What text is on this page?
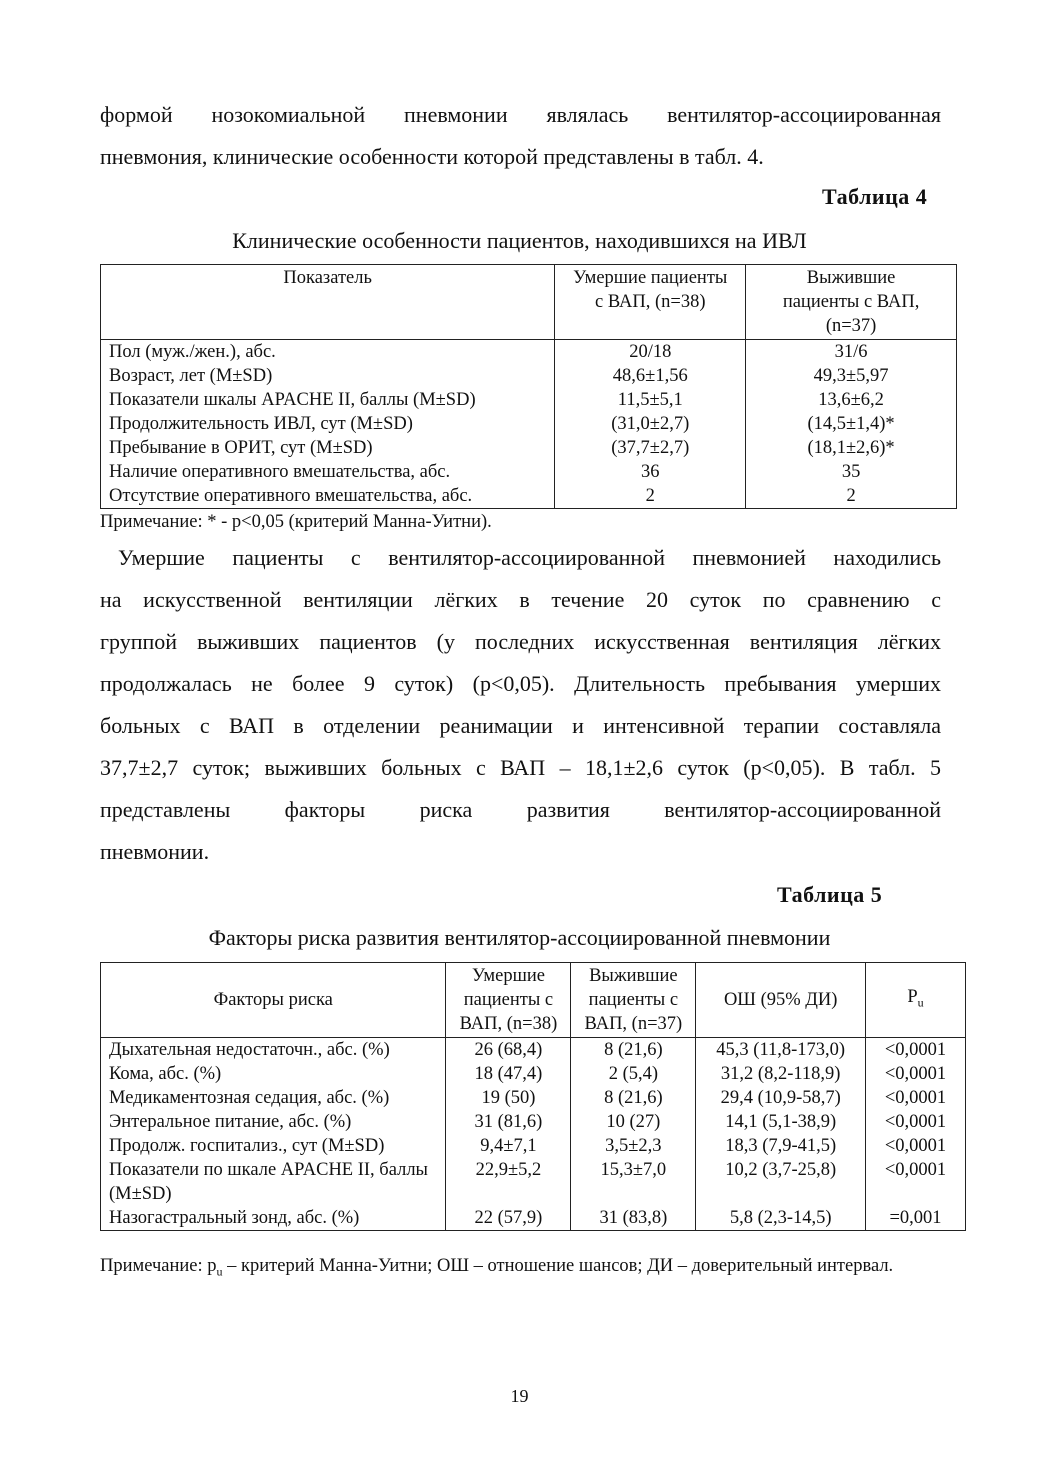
формой нозокомиальной пневмонии являлась вентилятор-ассоциированная
пневмония, клинические особенности которой представлены в табл. 4.
Таблица 4
Клинические особенности пациентов, находившихся на ИВЛ
Показатель	Умершие пациенты с ВАП, (n=38)	Выжившие пациенты с ВАП, (n=37)
Пол (муж./жен.), абс.	20/18	31/6
Возраст, лет (M±SD)	48,6±1,56	49,3±5,97
Показатели шкалы APACHE II, баллы (M±SD)	11,5±5,1	13,6±6,2
Продолжительность ИВЛ, сут (M±SD)	(31,0±2,7)	(14,5±1,4)*
Пребывание в ОРИТ, сут (M±SD)	(37,7±2,7)	(18,1±2,6)*
Наличие оперативного вмешательства, абс.	36	35
Отсутствие оперативного вмешательства, абс.	2	2
Примечание: * - p<0,05 (критерий Манна-Уитни).
Умершие пациенты с вентилятор-ассоциированной пневмонией находились
на искусственной вентиляции лёгких в течение 20 суток по сравнению с
группой выживших пациентов (у последних искусственная вентиляция лёгких
продолжалась не более 9 суток) (p<0,05). Длительность пребывания умерших
больных с ВАП в отделении реанимации и интенсивной терапии составляла
37,7±2,7 суток; выживших больных с ВАП – 18,1±2,6 суток (p<0,05). В табл. 5
представлены факторы риска развития вентилятор-ассоциированной
пневмонии.
Таблица 5
Факторы риска развития вентилятор-ассоциированной пневмонии
Факторы риска	Умершие пациенты с ВАП, (n=38)	Выжившие пациенты с ВАП, (n=37)	ОШ (95% ДИ)	$P_u$
Дыхательная недостаточн., абс. (%)	26 (68,4)	8 (21,6)	45,3 (11,8-173,0)	<0,0001
Кома, абс. (%)	18 (47,4)	2 (5,4)	31,2 (8,2-118,9)	<0,0001
Медикаментозная седация, абс. (%)	19 (50)	8 (21,6)	29,4 (10,9-58,7)	<0,0001
Энтеральное питание, абс. (%)	31 (81,6)	10 (27)	14,1 (5,1-38,9)	<0,0001
Продолж. госпитализ., сут (M±SD)	9,4±7,1	3,5±2,3	18,3 (7,9-41,5)	<0,0001
Показатели по шкале APACHE II, баллы (M±SD)	22,9±5,2	15,3±7,0	10,2 (3,7-25,8)	<0,0001
Назогастральный зонд, абс. (%)	22 (57,9)	31 (83,8)	5,8 (2,3-14,5)	=0,001
Примечание: $p_u$ – критерий Манна-Уитни; ОШ – отношение шансов; ДИ – доверительный интервал.
19
